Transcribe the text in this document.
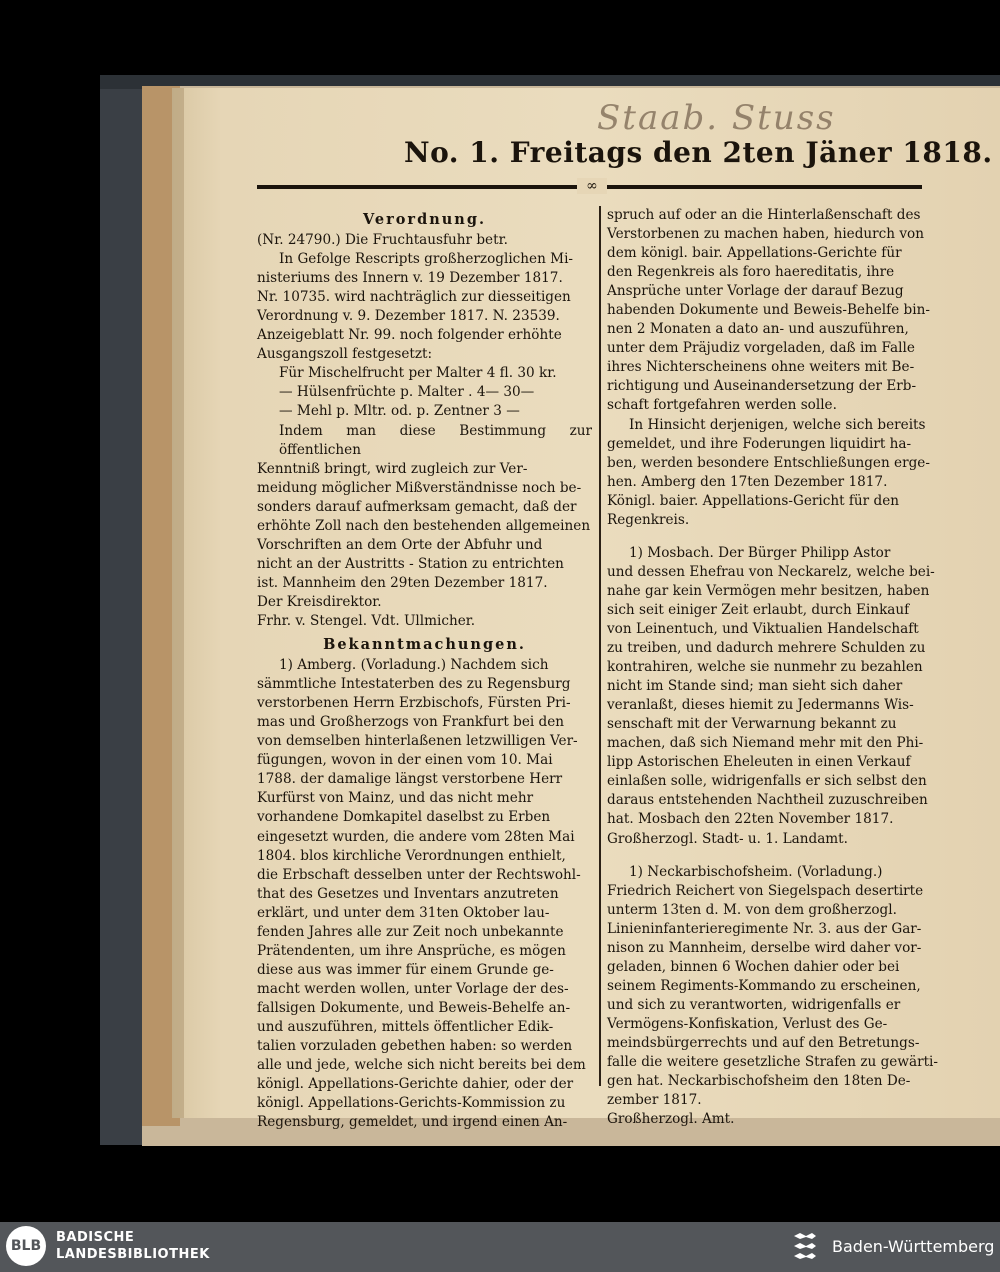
Staab. Stuss
No. 1. Freitags den 2ten Jäner 1818.
∞
Verordnung.

(Nr. 24790.) Die Fruchtausfuhr betr.

In Gefolge Rescripts großherzoglichen Mi-

nisteriums des Innern v. 19 Dezember 1817.

Nr. 10735. wird nachträglich zur diesseitigen

Verordnung v. 9. Dezember 1817. N. 23539.

Anzeigeblatt Nr. 99. noch folgender erhöhte

Ausgangszoll festgesetzt:

Für Mischelfrucht per Malter 4 fl. 30 kr.

— Hülsenfrüchte p. Malter . 4— 30—

— Mehl p. Mltr. od. p. Zentner 3 —

Indem man diese Bestimmung zur öffentlichen

Kenntniß bringt, wird zugleich zur Ver-

meidung möglicher Mißverständnisse noch be-

sonders darauf aufmerksam gemacht, daß der

erhöhte Zoll nach den bestehenden allgemeinen

Vorschriften an dem Orte der Abfuhr und

nicht an der Austritts - Station zu entrichten

ist. Mannheim den 29ten Dezember 1817.

Der Kreisdirektor.

Frhr. v. Stengel. Vdt. Ullmicher.

Bekanntmachungen.

1) Amberg. (Vorladung.) Nachdem sich

sämmtliche Intestaterben des zu Regensburg

verstorbenen Herrn Erzbischofs, Fürsten Pri-

mas und Großherzogs von Frankfurt bei den

von demselben hinterlaßenen letzwilligen Ver-

fügungen, wovon in der einen vom 10. Mai

1788. der damalige längst verstorbene Herr

Kurfürst von Mainz, und das nicht mehr

vorhandene Domkapitel daselbst zu Erben

eingesetzt wurden, die andere vom 28ten Mai

1804. blos kirchliche Verordnungen enthielt,

die Erbschaft desselben unter der Rechtswohl-

that des Gesetzes und Inventars anzutreten

erklärt, und unter dem 31ten Oktober lau-

fenden Jahres alle zur Zeit noch unbekannte

Prätendenten, um ihre Ansprüche, es mögen

diese aus was immer für einem Grunde ge-

macht werden wollen, unter Vorlage der des-

fallsigen Dokumente, und Beweis-Behelfe an-

und auszuführen, mittels öffentlicher Edik-

talien vorzuladen gebethen haben: so werden

alle und jede, welche sich nicht bereits bei dem

königl. Appellations-Gerichte dahier, oder der

königl. Appellations-Gerichts-Kommission zu

Regensburg, gemeldet, und irgend einen An-

spruch auf oder an die Hinterlaßenschaft des

Verstorbenen zu machen haben, hiedurch von

dem königl. bair. Appellations-Gerichte für

den Regenkreis als foro haereditatis, ihre

Ansprüche unter Vorlage der darauf Bezug

habenden Dokumente und Beweis-Behelfe bin-

nen 2 Monaten a dato an- und auszuführen,

unter dem Präjudiz vorgeladen, daß im Falle

ihres Nichterscheinens ohne weiters mit Be-

richtigung und Auseinandersetzung der Erb-

schaft fortgefahren werden solle.

In Hinsicht derjenigen, welche sich bereits

gemeldet, und ihre Foderungen liquidirt ha-

ben, werden besondere Entschließungen erge-

hen. Amberg den 17ten Dezember 1817.

Königl. baier. Appellations-Gericht für den

Regenkreis.

1) Mosbach. Der Bürger Philipp Astor

und dessen Ehefrau von Neckarelz, welche bei-

nahe gar kein Vermögen mehr besitzen, haben

sich seit einiger Zeit erlaubt, durch Einkauf

von Leinentuch, und Viktualien Handelschaft

zu treiben, und dadurch mehrere Schulden zu

kontrahiren, welche sie nunmehr zu bezahlen

nicht im Stande sind; man sieht sich daher

veranlaßt, dieses hiemit zu Jedermanns Wis-

senschaft mit der Verwarnung bekannt zu

machen, daß sich Niemand mehr mit den Phi-

lipp Astorischen Eheleuten in einen Verkauf

einlaßen solle, widrigenfalls er sich selbst den

daraus entstehenden Nachtheil zuzuschreiben

hat. Mosbach den 22ten November 1817.

Großherzogl. Stadt- u. 1. Landamt.

1) Neckarbischofsheim. (Vorladung.)

Friedrich Reichert von Siegelspach desertirte

unterm 13ten d. M. von dem großherzogl.

Linieninfanterieregimente Nr. 3. aus der Gar-

nison zu Mannheim, derselbe wird daher vor-

geladen, binnen 6 Wochen dahier oder bei

seinem Regiments-Kommando zu erscheinen,

und sich zu verantworten, widrigenfalls er

Vermögens-Konfiskation, Verlust des Ge-

meindsbürgerrechts und auf den Betretungs-

falle die weitere gesetzliche Strafen zu gewärti-

gen hat. Neckarbischofsheim den 18ten De-

zember 1817.

Großherzogl. Amt.

BLB
BADISCHE
LANDESBIBLIOTHEK	Baden-Württemberg
